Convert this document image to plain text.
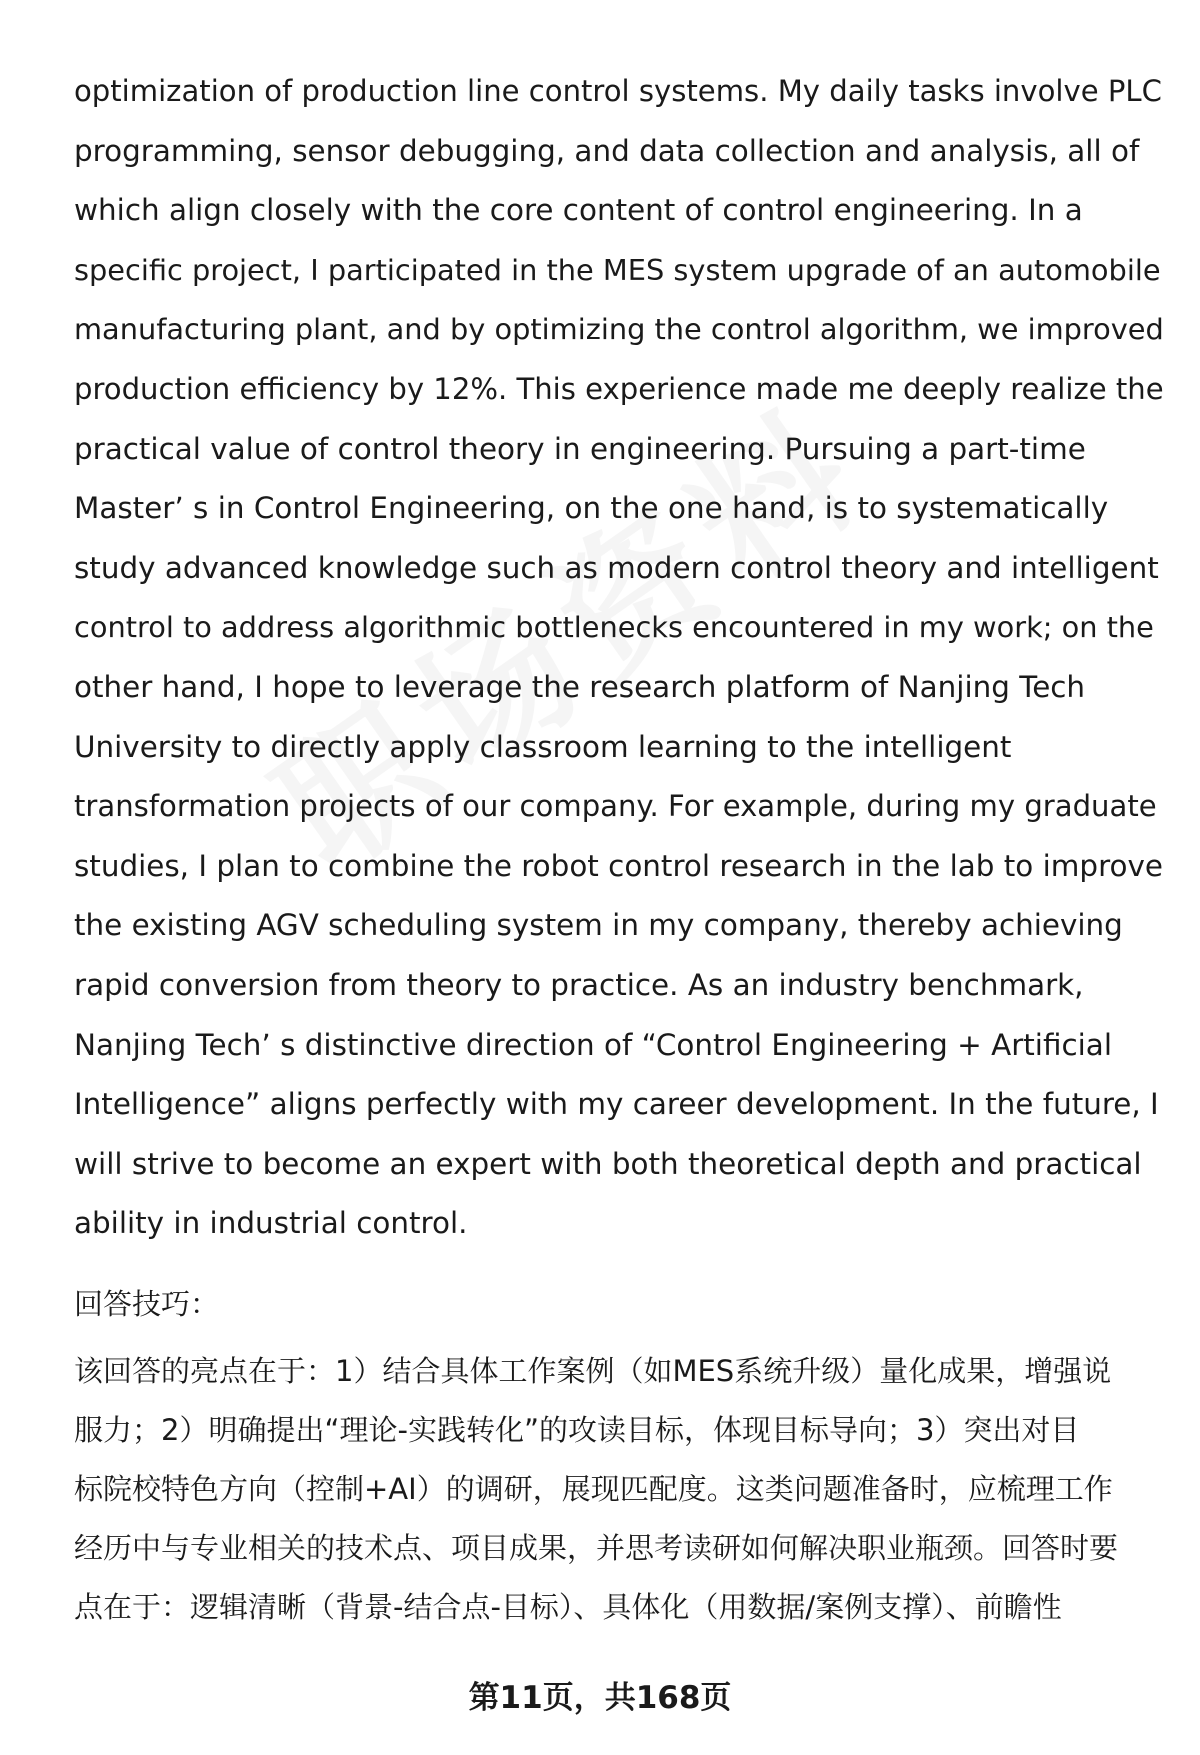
optimization of production line control systems. My daily tasks involve PLC
programming, sensor debugging, and data collection and analysis, all of
which align closely with the core content of control engineering. In a
specific project, I participated in the MES system upgrade of an automobile
manufacturing plant, and by optimizing the control algorithm, we improved
production efficiency by 12%. This experience made me deeply realize the
practical value of control theory in engineering. Pursuing a part-time
Master’ s in Control Engineering, on the one hand, is to systematically
study advanced knowledge such as modern control theory and intelligent
control to address algorithmic bottlenecks encountered in my work; on the
other hand, I hope to leverage the research platform of Nanjing Tech
University to directly apply classroom learning to the intelligent
transformation projects of our company. For example, during my graduate
studies, I plan to combine the robot control research in the lab to improve
the existing AGV scheduling system in my company, thereby achieving
rapid conversion from theory to practice. As an industry benchmark,
Nanjing Tech’ s distinctive direction of “Control Engineering + Artificial
Intelligence” aligns perfectly with my career development. In the future, I
will strive to become an expert with both theoretical depth and practical
ability in industrial control.
回答技巧：
该回答的亮点在于：1）结合具体工作案例（如MES系统升级）量化成果，增强说
服力；2）明确提出“理论-实践转化”的攻读目标，体现目标导向；3）突出对目
标院校特色方向（控制+AI）的调研，展现匹配度。这类问题准备时，应梳理工作
经历中与专业相关的技术点、项目成果，并思考读研如何解决职业瓶颈。回答时要
点在于：逻辑清晰（背景-结合点-目标）、具体化（用数据/案例支撑）、前瞻性
第11页，共168页
